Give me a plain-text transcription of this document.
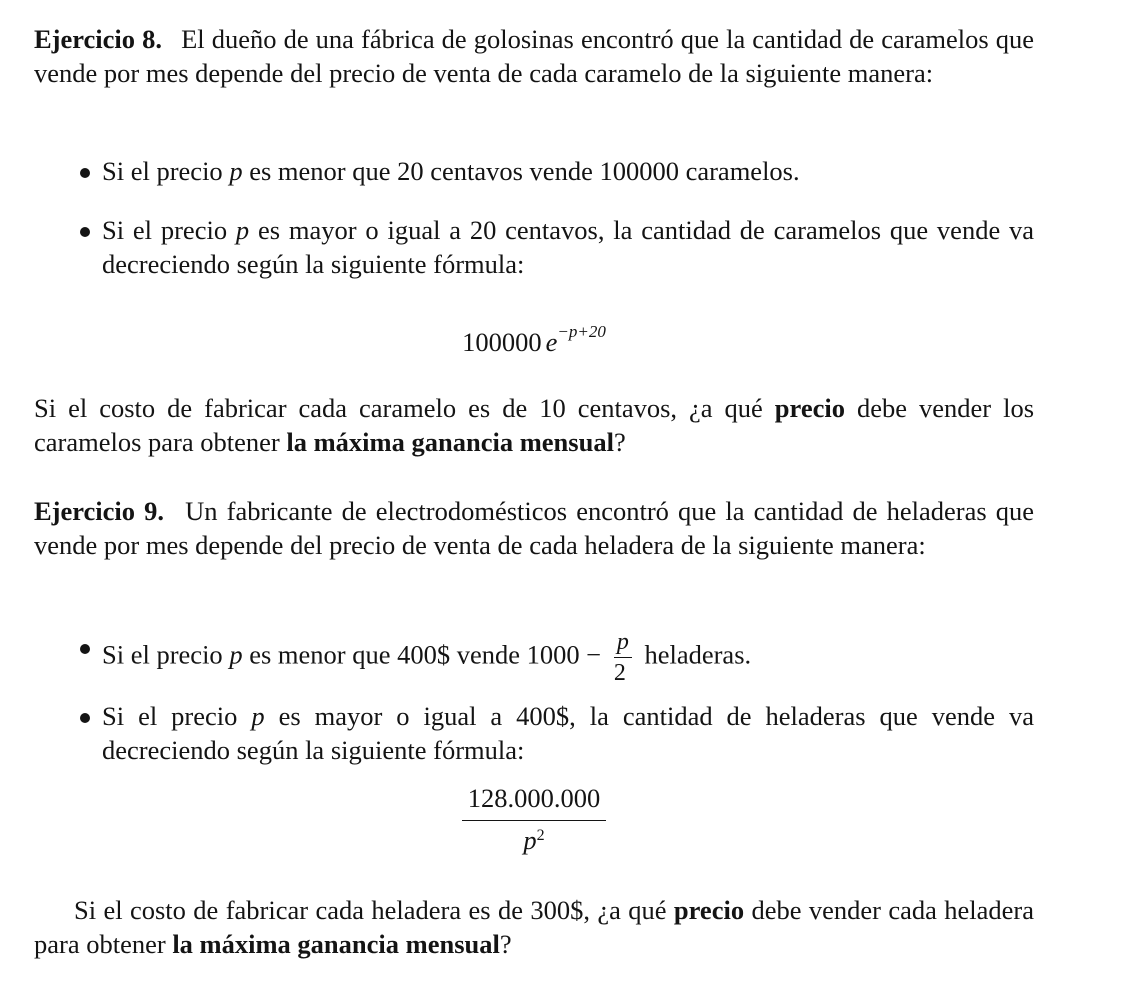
Ejercicio 8. El dueño de una fábrica de golosinas encontró que la cantidad de caramelos que vende por mes depende del precio de venta de cada caramelo de la siguiente manera:

Si el precio p es menor que 20 centavos vende 100000 caramelos.
Si el precio p es mayor o igual a 20 centavos, la cantidad de caramelos que vende va decreciendo según la siguiente fórmula:
100000 $e^{-p+20}$

Si el costo de fabricar cada caramelo es de 10 centavos, ¿a qué precio debe vender los caramelos para obtener la máxima ganancia mensual?

Ejercicio 9. Un fabricante de electrodomésticos encontró que la cantidad de heladeras que vende por mes depende del precio de venta de cada heladera de la siguiente manera:

Si el precio p es menor que 400$ vende $1000 - \frac{p}{2}$ heladeras.
Si el precio p es mayor o igual a 400$, la cantidad de heladeras que vende va decreciendo según la siguiente fórmula:
$\frac{128.000.000}{p^2}$

Si el costo de fabricar cada heladera es de 300$, ¿a qué precio debe vender cada heladera para obtener la máxima ganancia mensual?
